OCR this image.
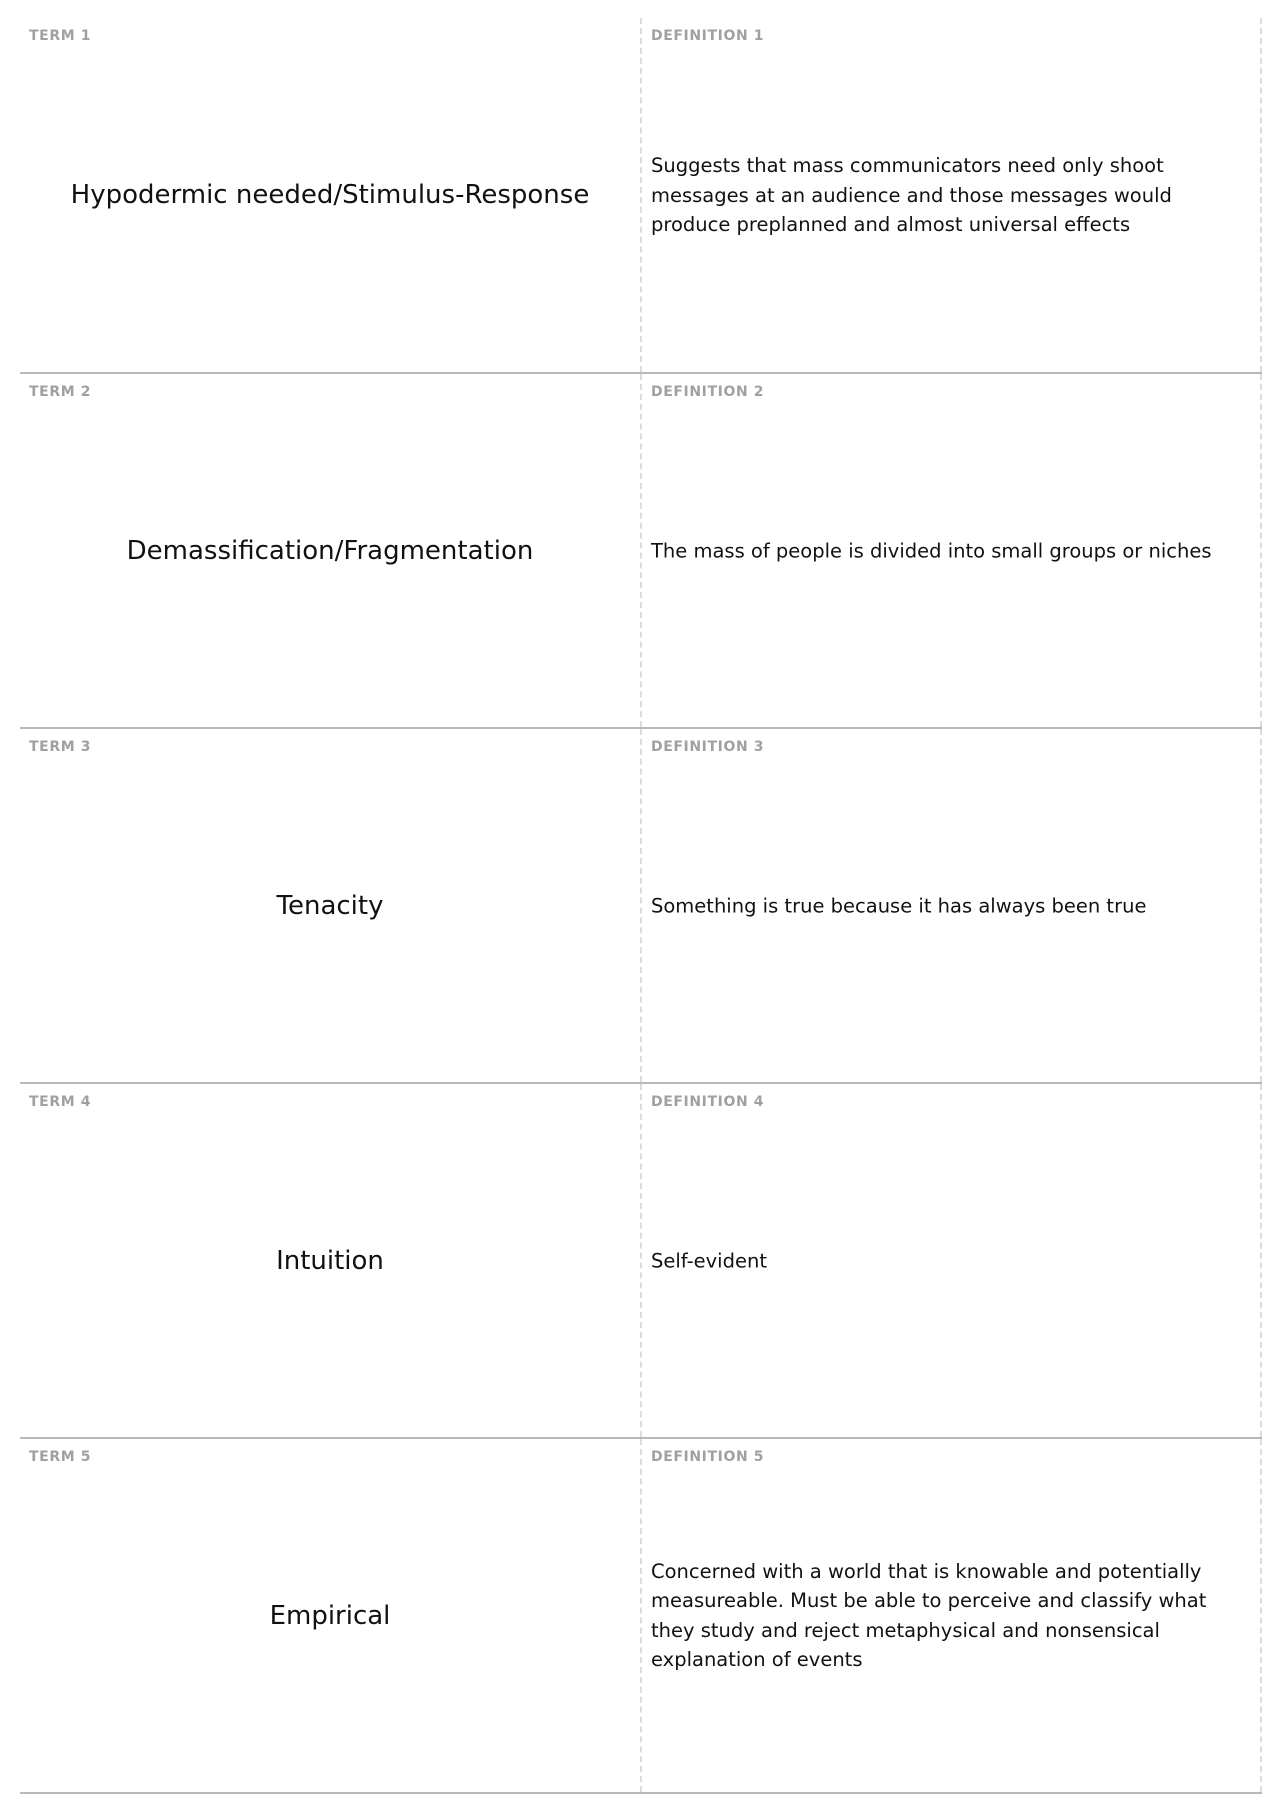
TERM 1
Hypodermic needed/Stimulus-Response
DEFINITION 1
Suggests that mass communicators need only shoot messages at an audience and those messages would produce preplanned and almost universal effects
TERM 2
Demassification/Fragmentation
DEFINITION 2
The mass of people is divided into small groups or niches
TERM 3
Tenacity
DEFINITION 3
Something is true because it has always been true
TERM 4
Intuition
DEFINITION 4
Self-evident
TERM 5
Empirical
DEFINITION 5
Concerned with a world that is knowable and potentially measureable. Must be able to perceive and classify what they study and reject metaphysical and nonsensical explanation of events
